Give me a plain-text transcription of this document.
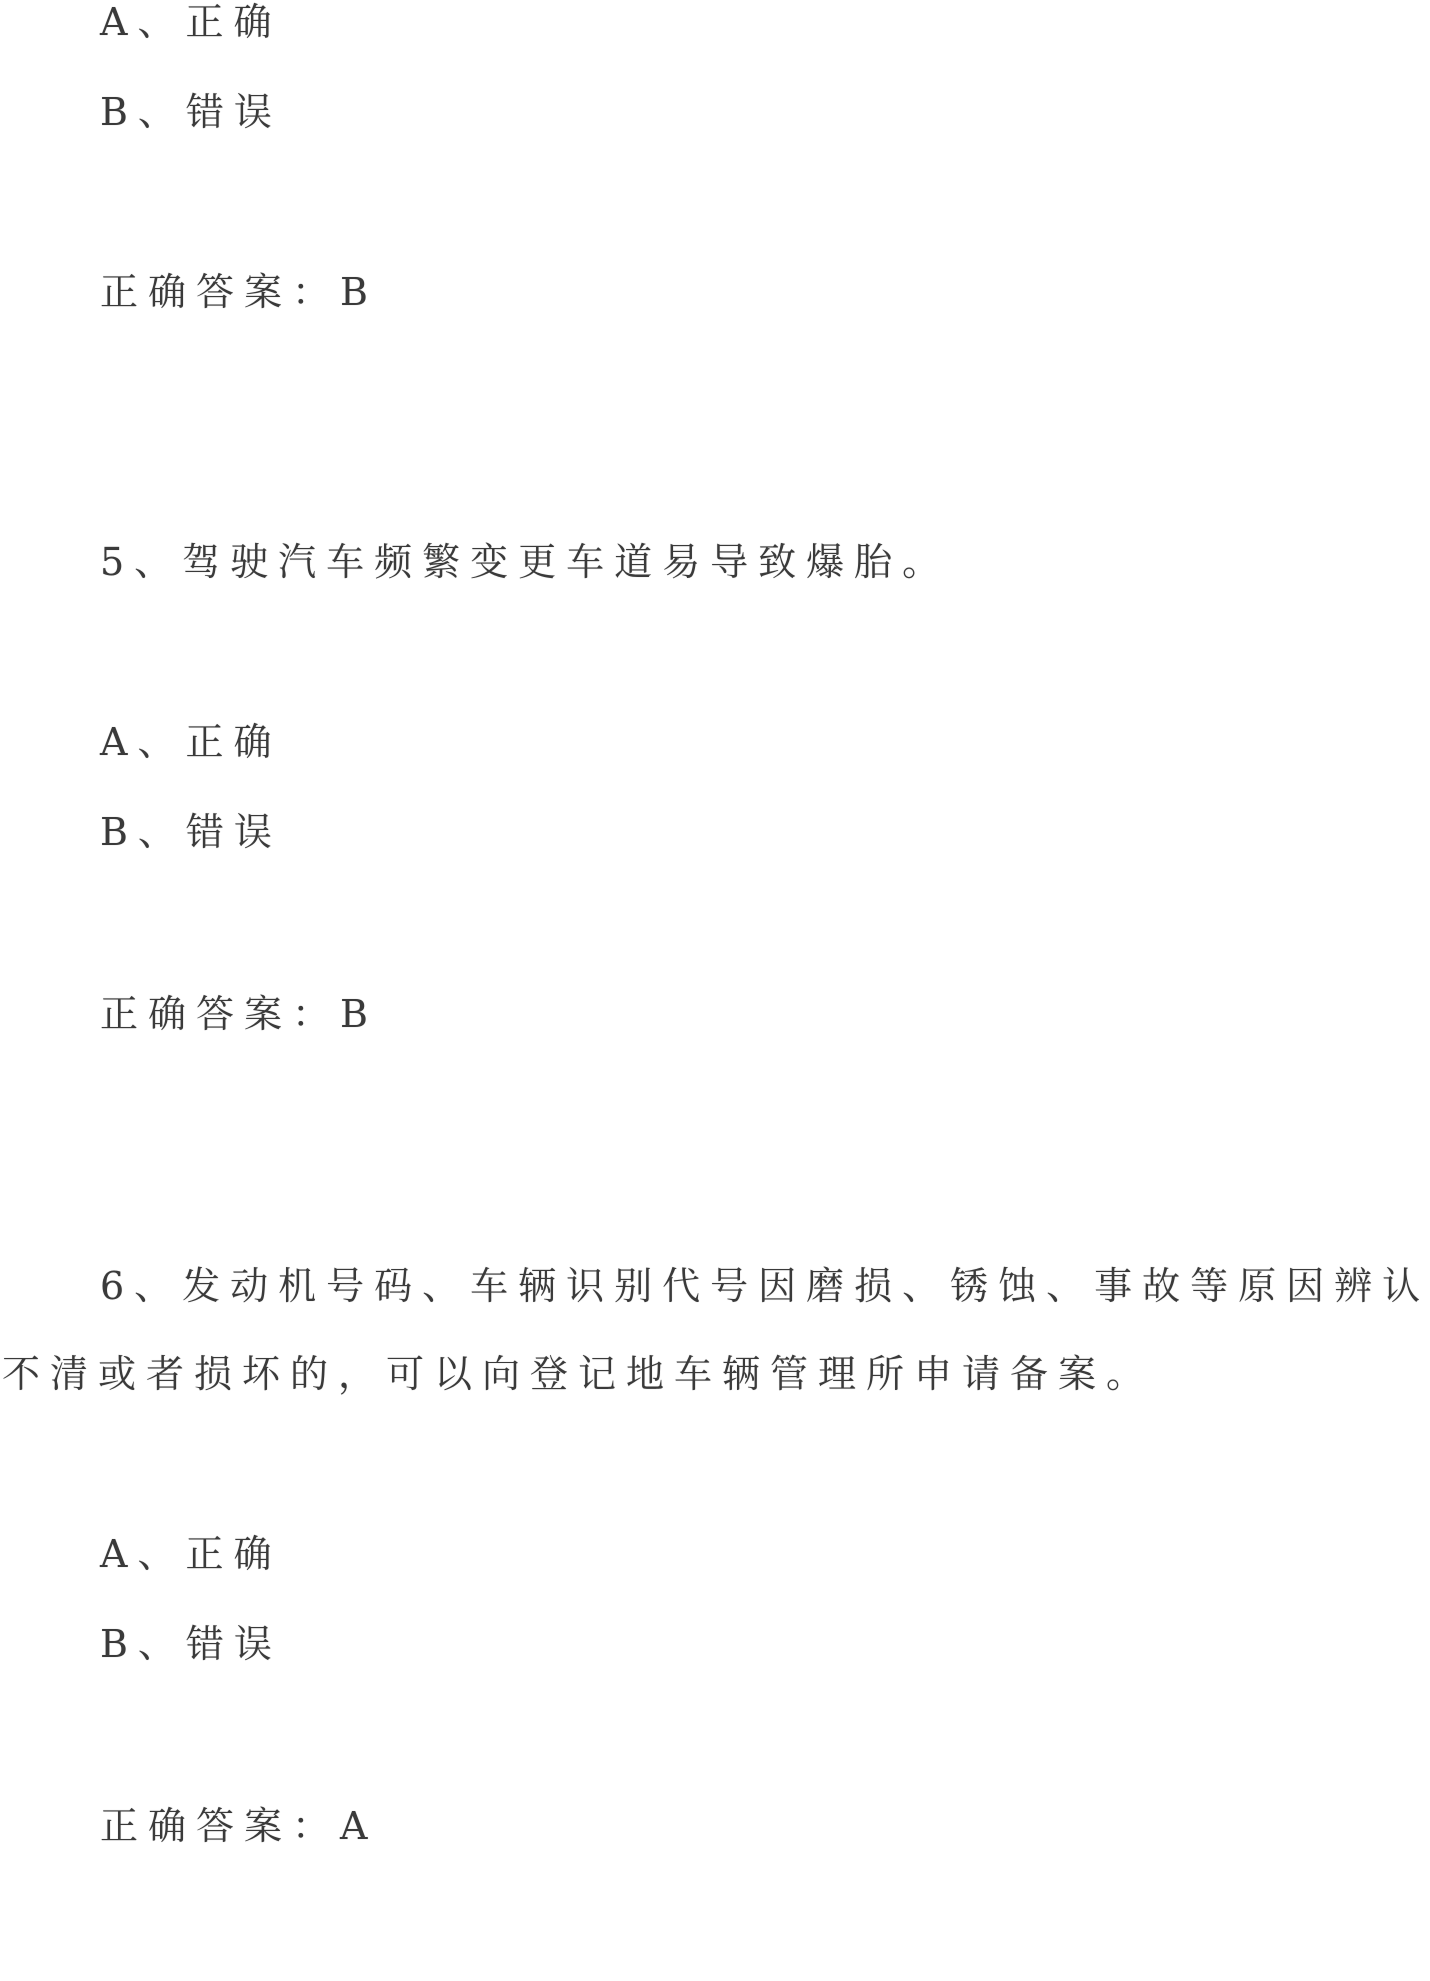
A、正确
B、错误
正确答案：B
5、驾驶汽车频繁变更车道易导致爆胎。
A、正确
B、错误
正确答案：B
6、发动机号码、车辆识别代号因磨损、锈蚀、事故等原因辨认
不清或者损坏的，可以向登记地车辆管理所申请备案。
A、正确
B、错误
正确答案：A
